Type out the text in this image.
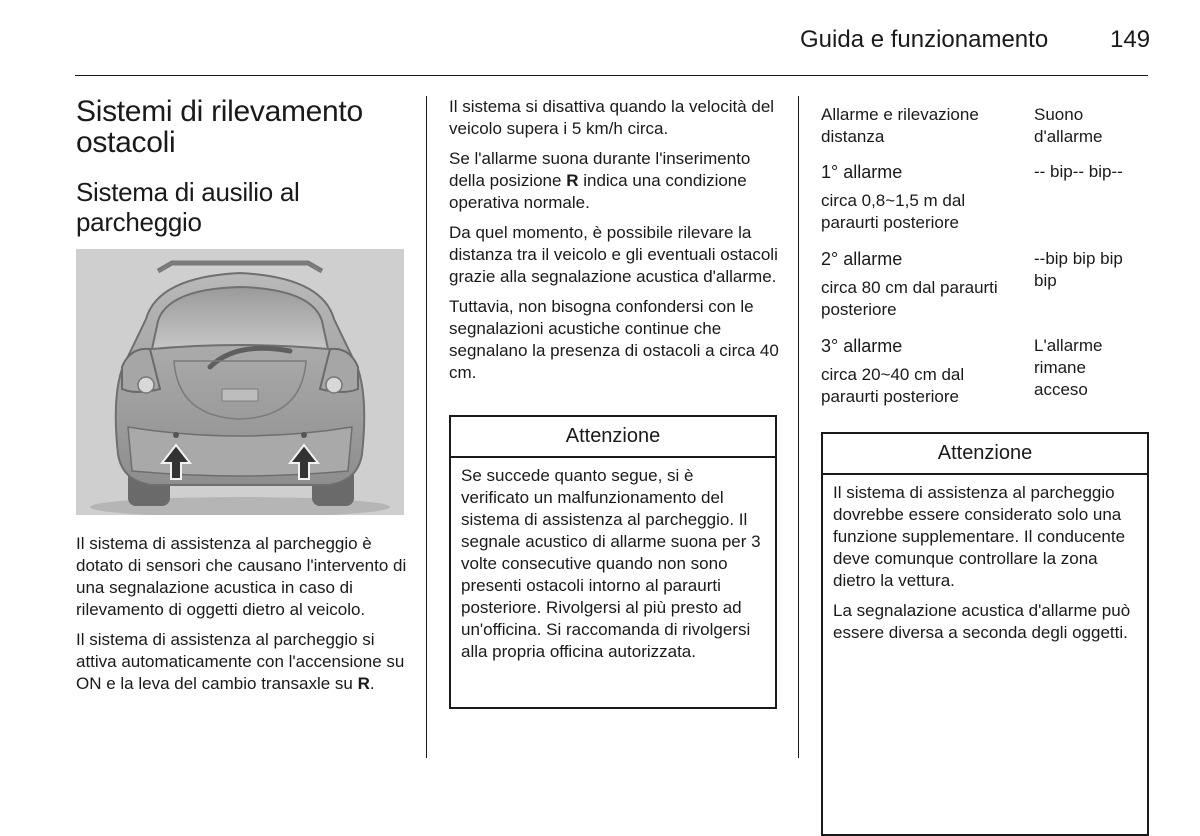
Guida e funzionamento	149
Sistemi di rilevamento ostacoli
Sistema di ausilio al parcheggio

Il sistema di assistenza al parcheggio è dotato di sensori che causano l'intervento di una segnalazione acustica in caso di rilevamento di oggetti dietro al veicolo.

Il sistema di assistenza al parcheggio si attiva automaticamente con l'accensione su ON e la leva del cambio transaxle su R.

Il sistema si disattiva quando la velocità del veicolo supera i 5 km/h circa.

Se l'allarme suona durante l'inserimento della posizione R indica una condizione operativa normale.

Da quel momento, è possibile rilevare la distanza tra il veicolo e gli eventuali ostacoli grazie alla segnalazione acustica d'allarme.

Tuttavia, non bisogna confondersi con le segnalazioni acustiche continue che segnalano la presenza di ostacoli a circa 40 cm.

Attenzione

Se succede quanto segue, si è verificato un malfunzionamento del sistema di assistenza al parcheggio. Il segnale acustico di allarme suona per 3 volte consecutive quando non sono presenti ostacoli intorno al paraurti posteriore. Rivolgersi al più presto ad un'officina. Si raccomanda di rivolgersi alla propria officina autorizzata.

Allarme e rilevazione distanza
Suono d'allarme
1° allarme
circa 0,8~1,5 m dal paraurti posteriore
-- bip-- bip--
2° allarme
circa 80 cm dal paraurti posteriore
--bip bip bip bip
3° allarme
circa 20~40 cm dal paraurti posteriore
L'allarme rimane acceso
Attenzione

Il sistema di assistenza al parcheggio dovrebbe essere considerato solo una funzione supplementare. Il conducente deve comunque controllare la zona dietro la vettura.

La segnalazione acustica d'allarme può essere diversa a seconda degli oggetti.
